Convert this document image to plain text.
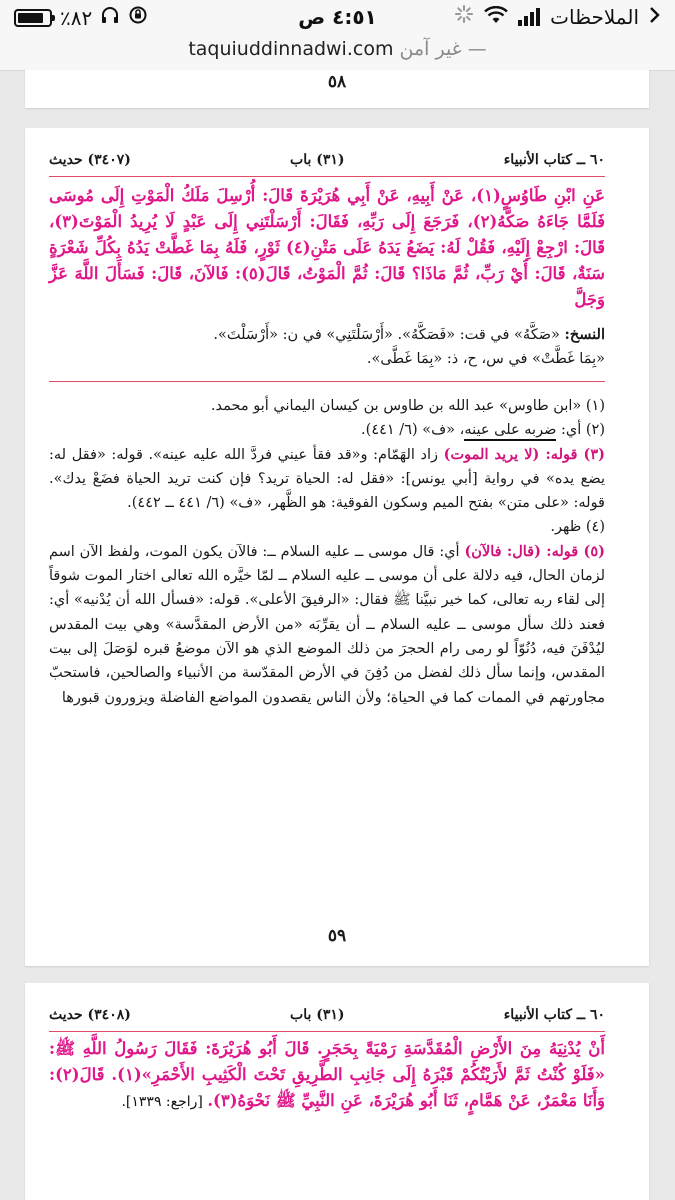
٪٨٢	٤:٥١ ص	الملاحظات
taquiuddinnadwi.com غير آمن —
٥٨
٦٠ ــ كتاب الأنبياء
(٣١) باب
(٣٤٠٧) حديث
عَنِ ابْنِ طَاوُسٍ(١)، عَنْ أَبِيهِ، عَنْ أَبِي هُرَيْرَةَ قَالَ: أُرْسِلَ مَلَكُ الْمَوْتِ إِلَى مُوسَى فَلَمَّا جَاءَهُ صَكَّهُ(٢)، فَرَجَعَ إِلَى رَبِّهِ، فَقَالَ: أَرْسَلْتَنِي إِلَى عَبْدٍ لَا يُرِيدُ الْمَوْتَ(٣)، قَالَ: ارْجِعْ إِلَيْهِ، فَقُلْ لَهُ: يَضَعُ يَدَهُ عَلَى مَتْنِ(٤) ثَوْرٍ، فَلَهُ بِمَا غَطَّتْ يَدُهُ بِكُلِّ شَعْرَةٍ سَنَةٌ، قَالَ: أَيْ رَبِّ، ثُمَّ مَاذَا؟ قَالَ: ثُمَّ الْمَوْتُ، قَالَ(٥): فَالآنَ، قَالَ: فَسَأَلَ اللَّهَ عَزَّ وَجَلَّ
النسخ: «صَكَّهُ» في قت: «فَصَكَّهُ». «أَرْسَلْتَنِي» في ن: «أَرْسَلْتَ».
«بِمَا غَطَّتْ» في س، ح، ذ: «بِمَا غَطَّى».

(١) «ابن طاوس» عبد الله بن طاوس بن كيسان اليماني أبو محمد.

(٢) أي: ضربه على عينه، «ف» (٦/ ٤٤١).

(٣) قوله: (لا يريد الموت) زاد الهَمّام: و«قد فقأ عيني فردَّ الله عليه عينه». قوله: «فقل له: يضع يده» في رواية [أبي يونس]: «فقل له: الحياة تريد؟ فإن كنت تريد الحياة فضَعْ يدك». قوله: «على متن» بفتح الميم وسكون الفوقية: هو الظَّهر، «ف» (٦/ ٤٤١ ــ ٤٤٢).

(٤) ظهر.

(٥) قوله: (قال: فالآن) أي: قال موسى ــ عليه السلام ــ: فالآن يكون الموت، ولفظ الآن اسم لزمان الحال، فيه دلالة على أن موسى ــ عليه السلام ــ لمّا خيَّره الله تعالى اختار الموت شوقاً إلى لقاء ربه تعالى، كما خير نبيَّنا ﷺ فقال: «الرفيقَ الأعلى». قوله: «فسأل الله أن يُدْنيه» أي: فعند ذلك سأل موسى ــ عليه السلام ــ أن يقرِّبَه «من الأرض المقدَّسة» وهي بيت المقدس ليُدْفَنَ فيه، دُنُوّاً لو رمى رام الحجرَ من ذلك الموضع الذي هو الآن موضعُ قبره لوَصَلَ إلى بيت المقدس، وإنما سأل ذلك لفضل من دُفِنَ في الأرض المقدّسة من الأنبياء والصالحين، فاستحبّ مجاورتهم في الممات كما في الحياة؛ ولأن الناس يقصدون المواضع الفاضلة ويزورون قبورها

٥٩
٦٠ ــ كتاب الأنبياء
(٣١) باب
(٣٤٠٨) حديث
أَنْ يُدْنِيَهُ مِنَ الأَرْضِ الْمُقَدَّسَةِ رَمْيَةً بِحَجَرٍ. قَالَ أَبُو هُرَيْرَةَ: فَقَالَ رَسُولُ اللَّهِ ﷺ: «فَلَوْ كُنْتُ ثَمَّ لأَرَيْتُكُمْ قَبْرَهُ إِلَى جَانِبِ الطَّرِيقِ تَحْتَ الْكَثِيبِ الأَحْمَرِ»(١). قَالَ(٢): وَأَنَا مَعْمَرٌ، عَنْ هَمَّامٍ، ثَنَا أَبُو هُرَيْرَةَ، عَنِ النَّبِيِّ ﷺ نَحْوَهُ(٣). [راجع: ١٣٣٩].
